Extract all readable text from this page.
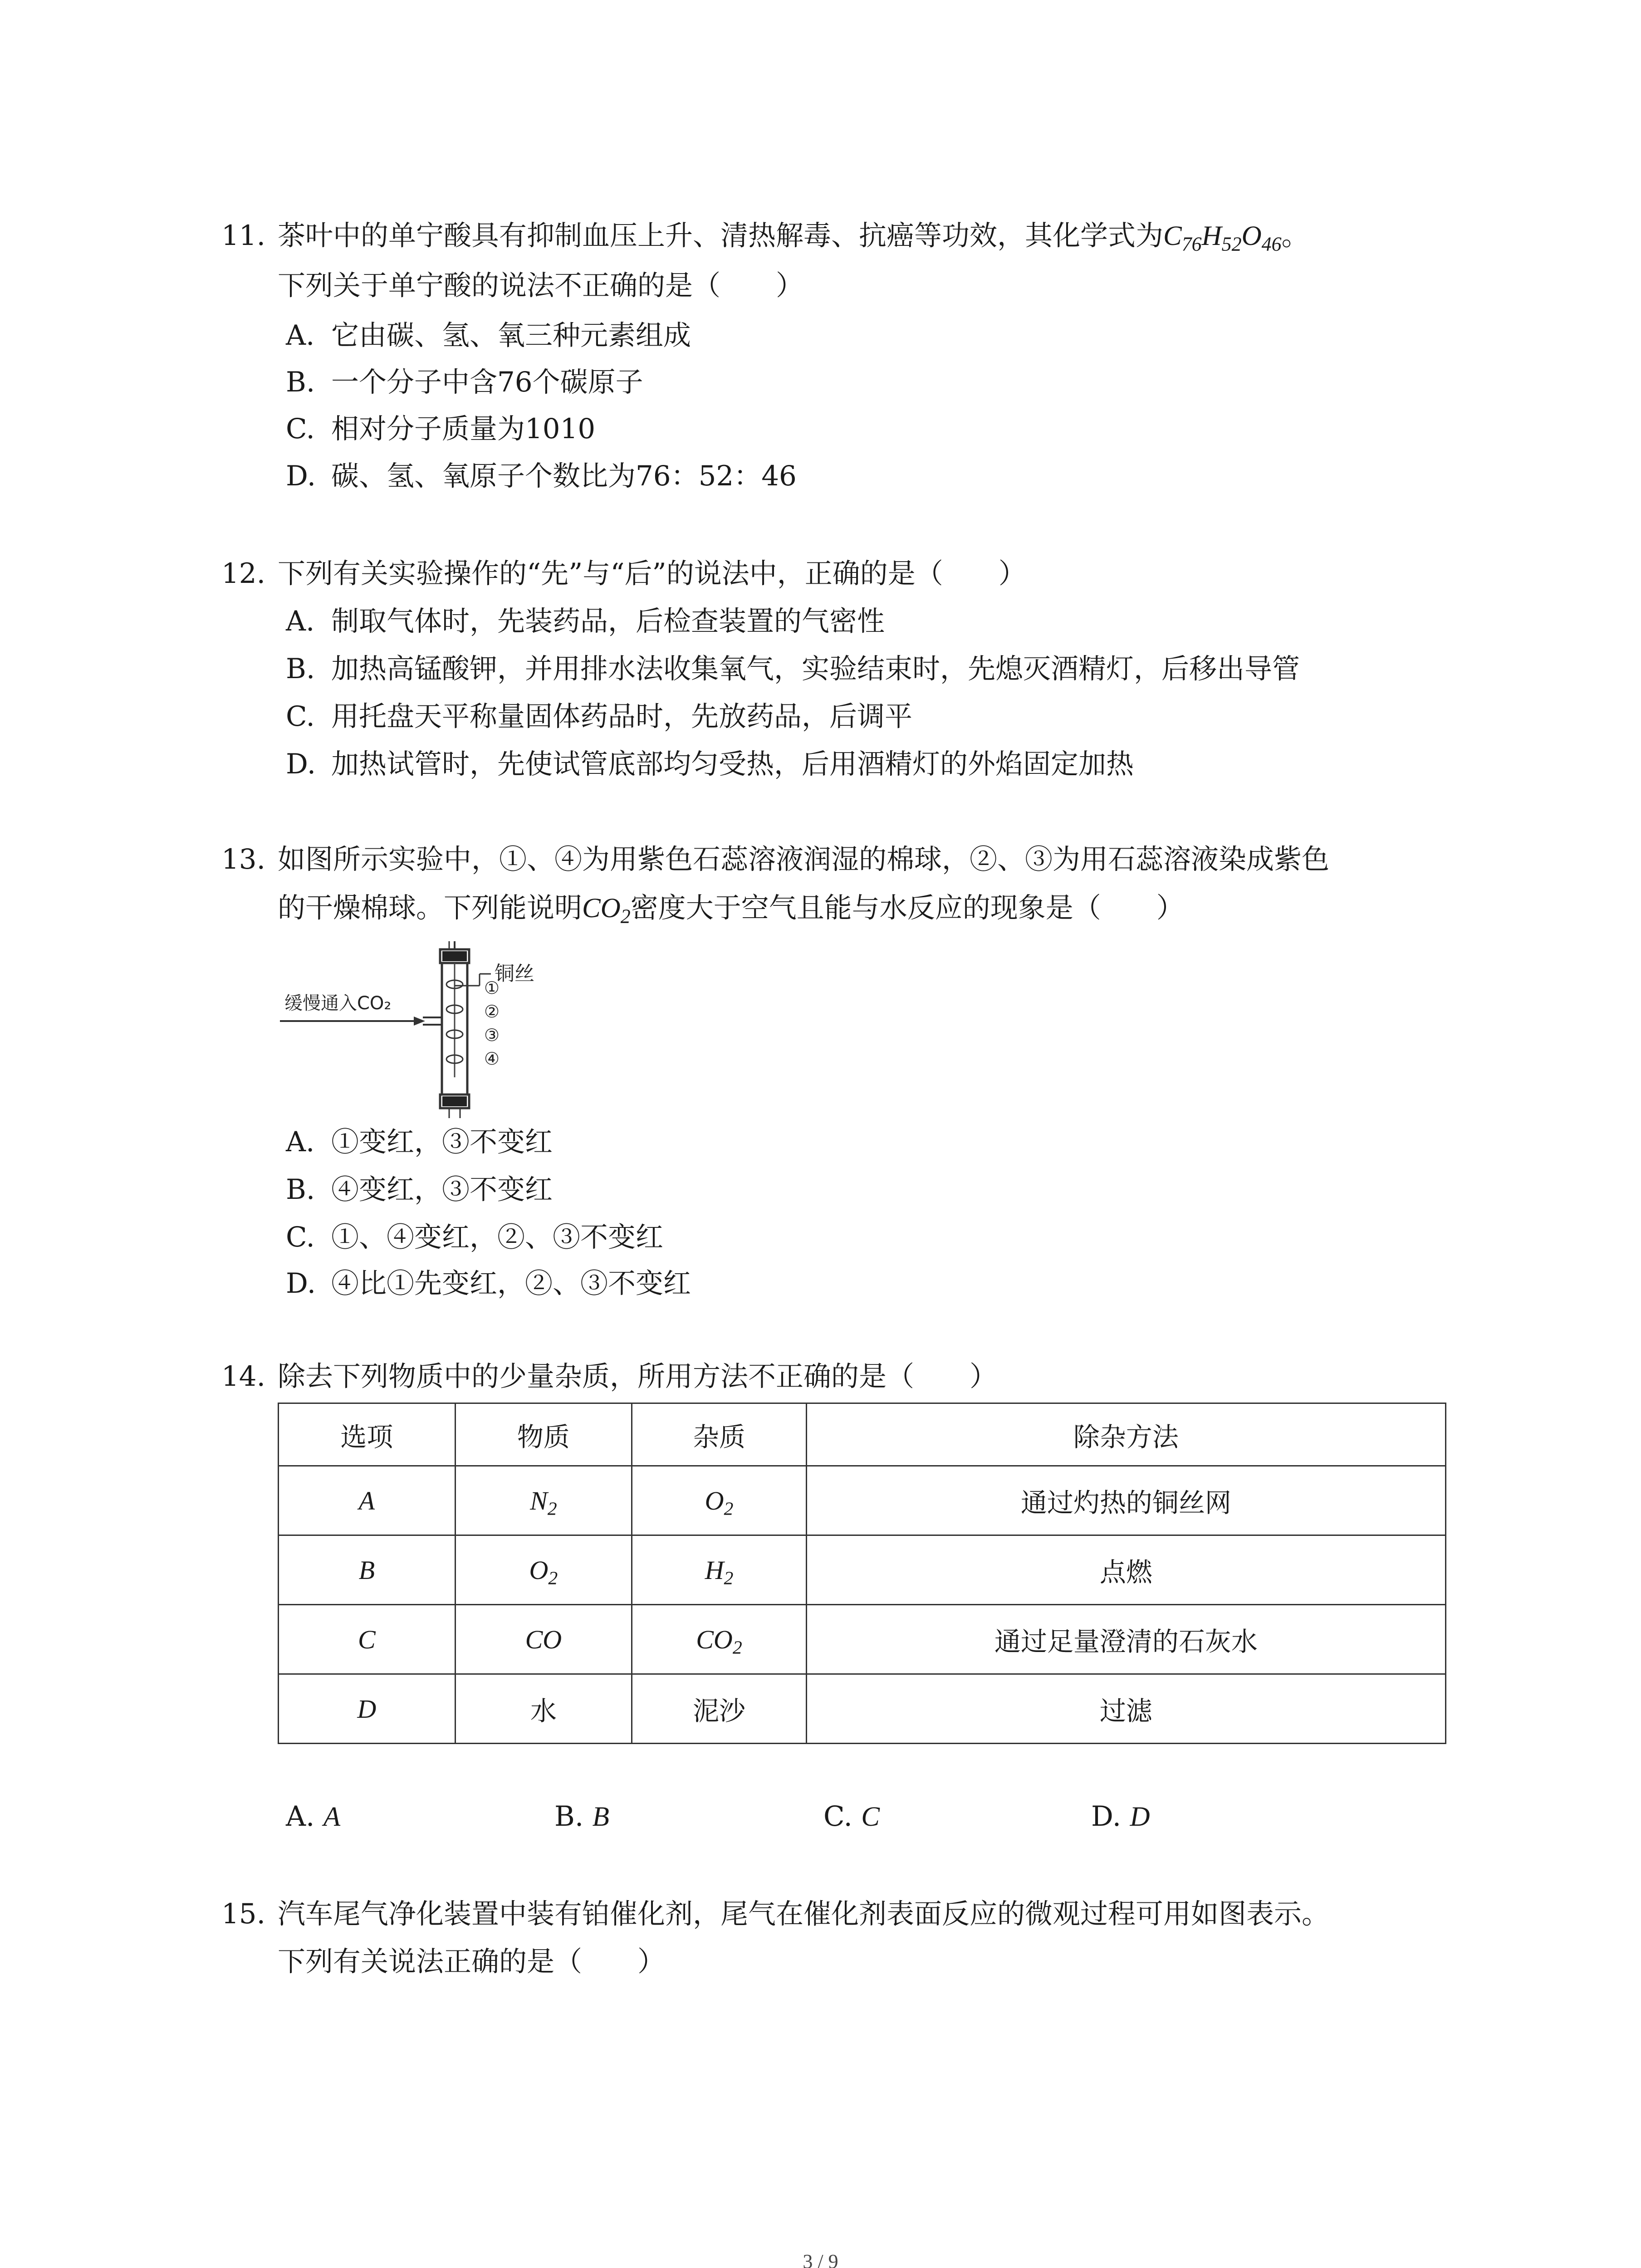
11. 茶叶中的单宁酸具有抑制血压上升、清热解毒、抗癌等功效，其化学式为$C_{76}H_{52}O_{46}$。
下列关于单宁酸的说法不正确的是（　　）
A. 它由碳、氢、氧三种元素组成
B. 一个分子中含76个碳原子
C. 相对分子质量为1010
D. 碳、氢、氧原子个数比为76：52：46
12. 下列有关实验操作的“先”与“后”的说法中，正确的是（　　）
A. 制取气体时，先装药品，后检查装置的气密性
B. 加热高锰酸钾，并用排水法收集氧气，实验结束时，先熄灭酒精灯，后移出导管
C. 用托盘天平称量固体药品时，先放药品，后调平
D. 加热试管时，先使试管底部均匀受热，后用酒精灯的外焰固定加热
13. 如图所示实验中，①、④为用紫色石蕊溶液润湿的棉球，②、③为用石蕊溶液染成紫色
的干燥棉球。下列能说明$CO_2$密度大于空气且能与水反应的现象是（　　）
铜丝
①
②
③
④
缓慢通入CO₂
A. ①变红，③不变红
B. ④变红，③不变红
C. ①、④变红，②、③不变红
D. ④比①先变红，②、③不变红
14. 除去下列物质中的少量杂质，所用方法不正确的是（　　）
选项	物质	杂质	除杂方法
A	$N_2$	$O_2$	通过灼热的铜丝网
B	$O_2$	$H_2$	点燃
C	CO	$CO_2$	通过足量澄清的石灰水
D	水	泥沙	过滤
A. A	B. B	C. C	D. D
15. 汽车尾气净化装置中装有铂催化剂，尾气在催化剂表面反应的微观过程可用如图表示。
下列有关说法正确的是（　　）
3 / 9
